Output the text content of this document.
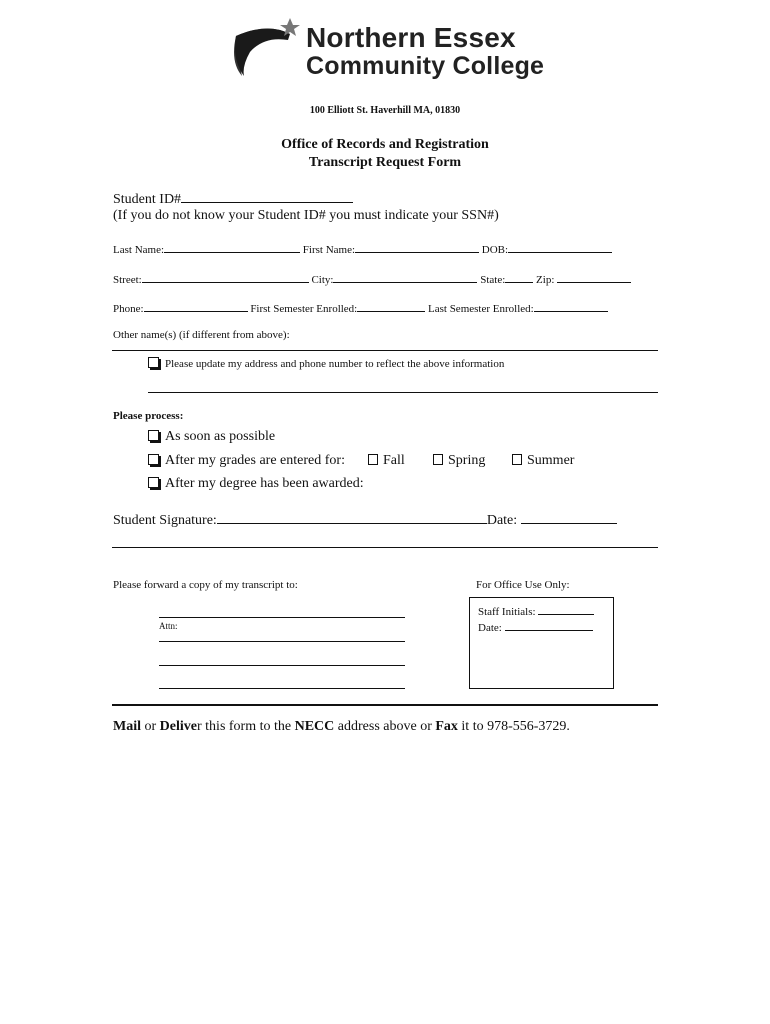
Northern Essex
Community College
100 Elliott St. Haverhill MA, 01830
Office of Records and Registration
Transcript Request Form
Student ID#
(If you do not know your Student ID# you must indicate your SSN#)
Last Name:	First Name:	DOB:
Street:	City:	State:	Zip:
Phone:	First Semester Enrolled:	Last Semester Enrolled:
Other name(s) (if different from above):
Please update my address and phone number to reflect the above information
Please process:
As soon as possible
After my grades are entered for:	Fall	Spring	Summer
After my degree has been awarded:
Student Signature:	Date:
Please forward a copy of my transcript to:
Attn:
For Office Use Only:
Staff Initials:
Date:
Mail or Deliver this form to the NECC address above or Fax it to 978-556-3729.
